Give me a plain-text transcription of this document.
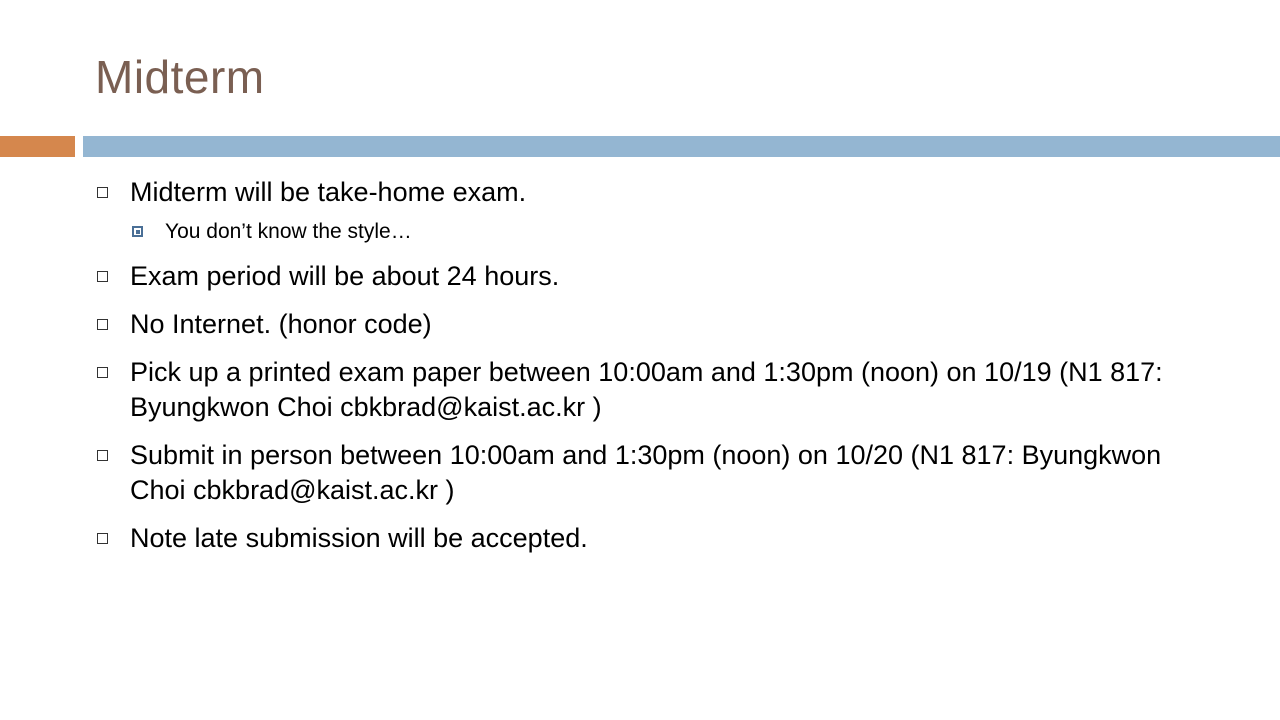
Midterm
Midterm will be take-home exam.
You don’t know the style…
Exam period will be about 24 hours.
No Internet. (honor code)
Pick up a printed exam paper between 10:00am and 1:30pm (noon) on 10/19 (N1 817: Byungkwon Choi cbkbrad@kaist.ac.kr )
Submit in person between 10:00am and 1:30pm (noon) on 10/20 (N1 817: Byungkwon Choi cbkbrad@kaist.ac.kr )
Note late submission will be accepted.
